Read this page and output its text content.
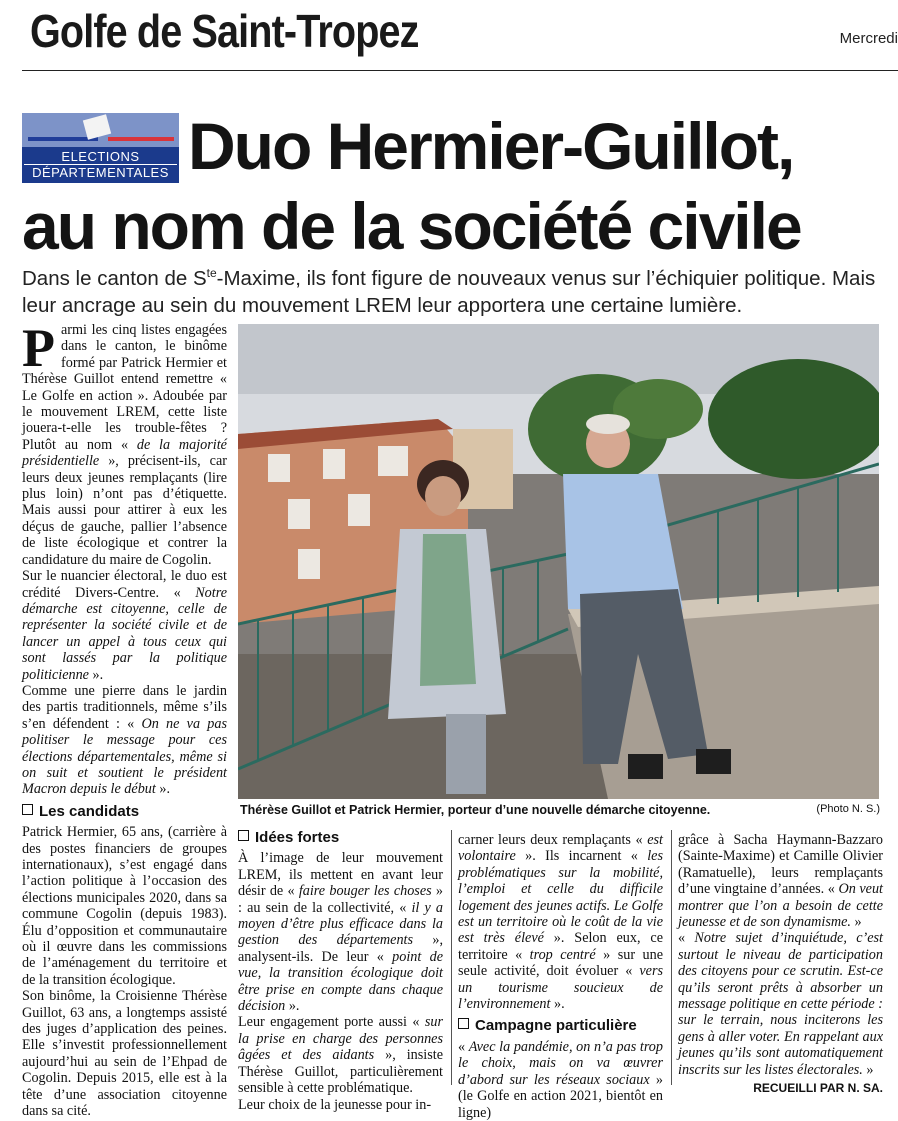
Golfe de Saint-Tropez	Mercredi
Duo Hermier-Guillot,
au nom de la société civile
ELECTIONS
DÉPARTEMENTALES
Dans le canton de $S^{te}$-Maxime, ils font figure de nouveaux venus sur l’échiquier politique. Mais leur ancrage au sein du mouvement LREM leur apportera une certaine lumière.

Parmi les cinq listes engagées dans le canton, le binôme formé par Patrick Hermier et Thérèse Guillot entend remettre « Le Golfe en action ». Adoubée par le mouvement LREM, cette liste jouera-t-elle les trouble-fêtes ? Plutôt au nom « de la majorité présidentielle », précisent-ils, car leurs deux jeunes remplaçants (lire plus loin) n’ont pas d’étiquette. Mais aussi pour attirer à eux les déçus de gauche, pallier l’absence de liste écologique et contrer la candidature du maire de Cogolin.

Sur le nuancier électoral, le duo est crédité Divers-Centre. « Notre démarche est citoyenne, celle de représenter la société civile et de lancer un appel à tous ceux qui sont lassés par la politique politicienne ».

Comme une pierre dans le jardin des partis traditionnels, même s’ils s’en défendent : « On ne va pas politiser le message pour ces élections départementales, même si on suit et soutient le président Macron depuis le début ».

Les candidats

Patrick Hermier, 65 ans, (carrière à des postes financiers de groupes internationaux), s’est engagé dans l’action politique à l’occasion des élections municipales 2020, dans sa commune Cogolin (depuis 1983). Élu d’opposition et communautaire où il œuvre dans les commissions de l’aménagement du territoire et de la transition écologique.

Son binôme, la Croisienne Thérèse Guillot, 63 ans, a longtemps assisté des juges d’application des peines. Elle s’investit professionnellement aujourd’hui au sein de l’Ehpad de Cogolin. Depuis 2015, elle est à la tête d’une association citoyenne dans sa cité.

Thérèse Guillot et Patrick Hermier, porteur d’une nouvelle démarche citoyenne.	(Photo N. S.)
Idées fortes

À l’image de leur mouvement LREM, ils mettent en avant leur désir de « faire bouger les choses » : au sein de la collectivité, « il y a moyen d’être plus efficace dans la gestion des départements », analysent-ils. De leur « point de vue, la transition écologique doit être prise en compte dans chaque décision ».

Leur engagement porte aussi « sur la prise en charge des personnes âgées et des aidants », insiste Thérèse Guillot, particulièrement sensible à cette problématique.

Leur choix de la jeunesse pour in-

carner leurs deux remplaçants « est volontaire ». Ils incarnent « les problématiques sur la mobilité, l’emploi et celle du difficile logement des jeunes actifs. Le Golfe est un territoire où le coût de la vie est très élevé ». Selon eux, ce territoire « trop centré » sur une seule activité, doit évoluer « vers un tourisme soucieux de l’environnement ».

Campagne particulière

« Avec la pandémie, on n’a pas trop le choix, mais on va œuvrer d’abord sur les réseaux sociaux » (le Golfe en action 2021, bientôt en ligne)

grâce à Sacha Haymann-Bazzaro (Sainte-Maxime) et Camille Olivier (Ramatuelle), leurs remplaçants d’une vingtaine d’années. « On veut montrer que l’on a besoin de cette jeunesse et de son dynamisme. »

« Notre sujet d’inquiétude, c’est surtout le niveau de participation des citoyens pour ce scrutin. Est-ce qu’ils seront prêts à absorber un message politique en cette période : sur le terrain, nous inciterons les gens à aller voter. En rappelant aux jeunes qu’ils sont automatiquement inscrits sur les listes électorales. »

RECUEILLI PAR N. SA.
